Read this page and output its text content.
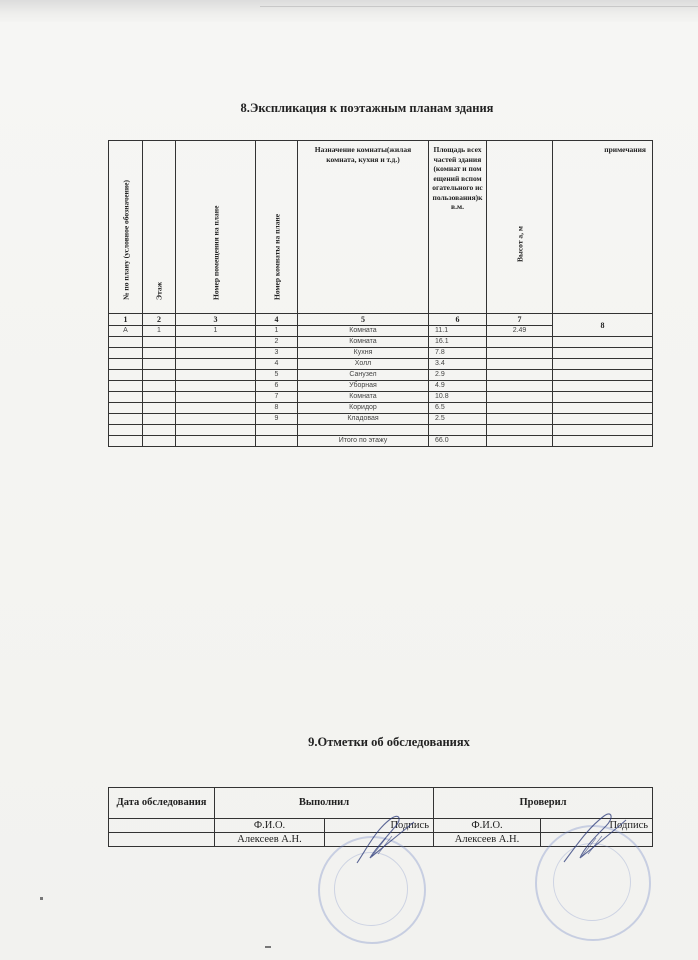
8.Экспликация к поэтажным планам здания
№ по плану (условное обозначение)	Этаж	Номер помещения на плане	Номер комнаты на плане	Назначение комнаты(жилая комната, кухня и т.д.)	Площадь всех частей здания(комнат и помещений вспомогательного использования)кв.м.	Высот а, м	примечания

1	2	3	4	5	6	7	8
А	1	1	1	Комната	11.1	2.49	
			2	Комната	16.1		
			3	Кухня	7.8		
			4	Холл	3.4		
			5	Санузел	2.9		
			6	Уборная	4.9		
			7	Комната	10.8		
			8	Коридор	6.5		
			9	Кладовая	2.5		

				Итого по этажу	66.0		
9.Отметки об обследованиях
Дата обследования	Выполнил		Проверил	
	Ф.И.О.	Подпись	Ф.И.О.	Подпись
	Алексеев А.Н.		Алексеев А.Н.	
